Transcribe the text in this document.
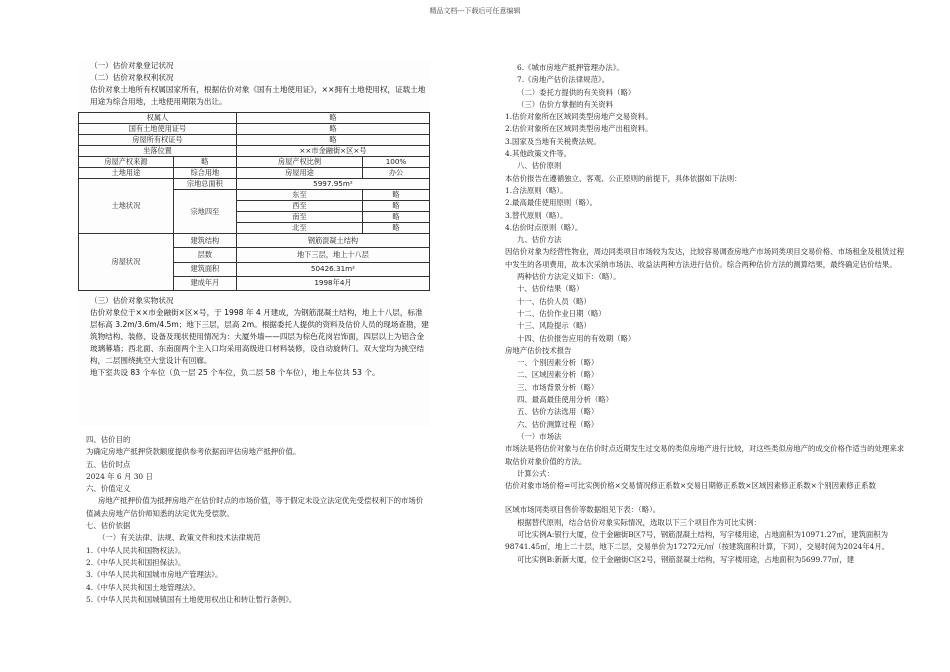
精品文档---下载后可任意编辑

（一）估价对象登记状况

（二）估价对象权利状况

估价对象土地所有权属国家所有，根据估价对象《国有土地使用证》，××拥有土地使用权，证载土地用途为综合用地，土地使用期限为出让。

权属人		略	
国有土地使用证号		略	
房屋所有权证号		略	
坐落位置		××市金融街×区×号	
房屋产权来源	略	房屋产权比例	100%
土地用途	综合用地	房屋用途	办公
土地状况	宗地总面积	5997.95m²	
	宗地四至	东至	略
		西至	略
		南至	略
		北至	略
房屋状况	建筑结构	钢筋混凝土结构	
	层数	地下三层，地上十八层	
	建筑面积	50426.31m²	
	建成年月	1998年4月	

（三）估价对象实物状况

估价对象位于××市金融街×区×号，于 1998 年 4 月建成，为钢筋混凝土结构，地上十八层，标准层标高 3.2m/3.6m/4.5m；地下三层，层高 2m。根据委托人提供的资料及估价人员的现场查勘，建筑物结构、装修、设备及现状使用情况为：大厦外墙——四层为棕色花岗岩饰面，四层以上为铝合金玻璃幕墙；西北面、东南面两个主入口均采用高级进口材料装修，设自动旋转门。双大堂均为挑空结构，二层围绕挑空大堂设计有回廊。

地下室共设 83 个车位（负一层 25 个车位，负二层 58 个车位），地上车位共 53 个。

四、估价目的

为确定房地产抵押贷款额度提供参考依据而评估房地产抵押价值。

五、估价时点

2024 年 6 月 30 日

六、价值定义

房地产抵押价值为抵押房地产在估价时点的市场价值，等于假定未设立法定优先受偿权利下的市场价值减去房地产估价师知悉的法定优先受偿款。

七、估价依据

（一）有关法律、法规、政策文件和技术法律规范

1.《中华人民共和国物权法》。

2.《中华人民共和国担保法》。

3.《中华人民共和国城市房地产管理法》。

4.《中华人民共和国土地管理法》。

5.《中华人民共和国城镇国有土地使用权出让和转让暂行条例》。

6.《城市房地产抵押管理办法》。

7.《房地产估价法律规范》。

（二）委托方提供的有关资料（略）

（三）估价方掌握的有关资料

1.估价对象所在区域同类型房地产交易资料。

2.估价对象所在区域同类型房地产出租资料。

3.国家及当地有关税费法规。

4.其他政策文件等。

八、估价原则

本估价报告在遵循独立、客观、公正原则的前提下，具体依据如下法则：

1.合法原则（略）。

2.最高最佳使用原则（略）。

3.替代原则（略）。

4.估价时点原则（略）。

九、估价方法

因估价对象为经营性物业，周边同类项目市场较为发达，比较容易调查房地产市场同类项目交易价格、市场租金及租赁过程中发生的各项费用，故本次采纳市场法、收益法两种方法进行估价。综合两种估价方法的测算结果，最终确定估价结果。

两种估价方法定义如下：（略）。

十、估价结果（略）

十一、估价人员（略）

十二、估价作业日期（略）

十三、风险提示（略）

十四、估价报告应用的有效期（略）

房地产估价技术报告

一、个别因素分析（略）

二、区域因素分析（略）

三、市场背景分析（略）

四、最高最佳使用分析（略）

五、估价方法选用（略）

六、估价测算过程（略）

（一）市场法

市场法是将估价对象与在估价时点近期发生过交易的类似房地产进行比较，对这些类似房地产的成交价格作适当的处理来求取估价对象价值的方法。

计算公式：

估价对象市场价格=可比实例价格×交易情况修正系数×交易日期修正系数×区域因素修正系数×个别因素修正系数

区域市场同类项目售价等数据组见下表：（略）。

根据替代原则，结合估价对象实际情况，选取以下三个项目作为可比实例：

可比实例A:银行大厦，位于金融街B区7号，钢筋混凝土结构，写字楼用途，占地面积为10971.27㎡，建筑面积为98741.45㎡，地上二十层，地下二层，交易单价为17272元/㎡（按建筑面积计算，下同），交易时间为2024年4月。

可比实例B:新新大厦，位于金融街C区2号，钢筋混凝土结构，写字楼用途，占地面积为5699.77㎡，建
